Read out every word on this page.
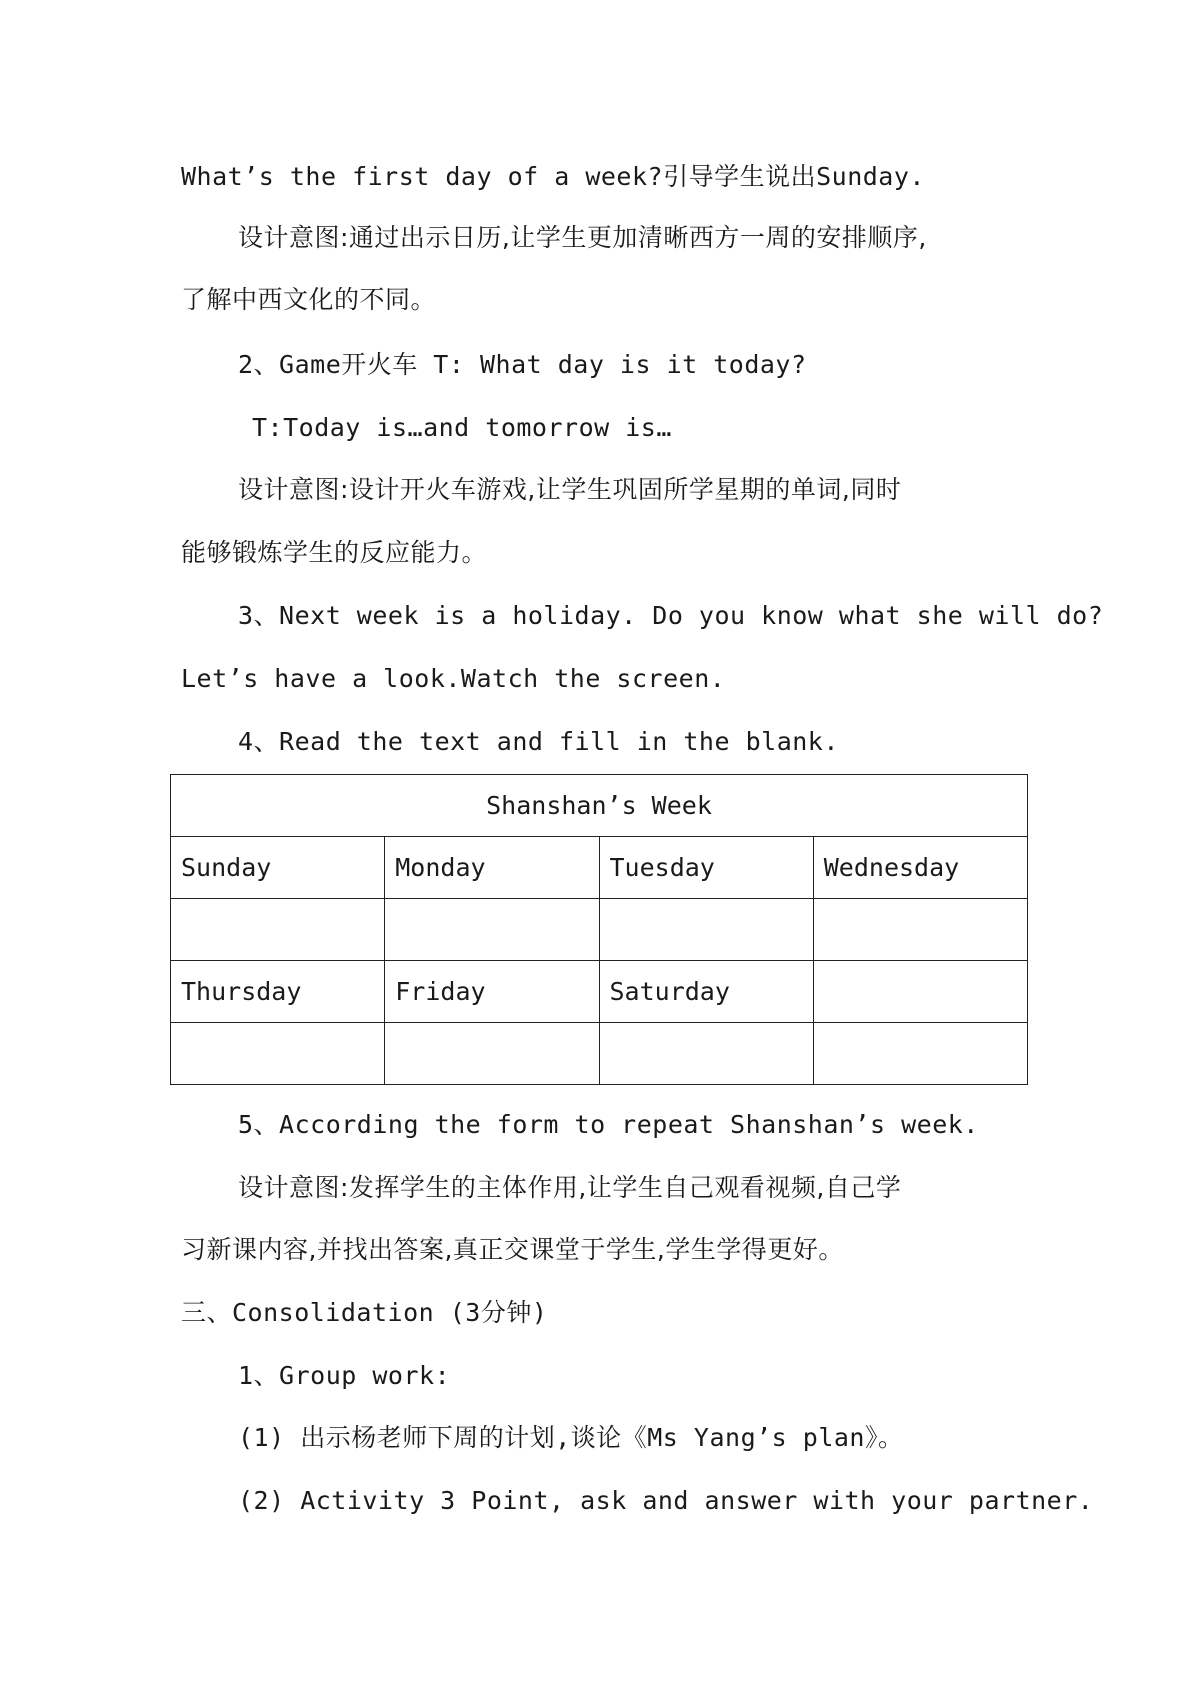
What’s the first day of a week?引导学生说出Sunday.
设计意图:通过出示日历,让学生更加清晰西方一周的安排顺序,
了解中西文化的不同。
2、Game开火车 T: What day is it today?
T:Today is…and tomorrow is…
设计意图:设计开火车游戏,让学生巩固所学星期的单词,同时
能够锻炼学生的反应能力。
3、Next week is a holiday. Do you know what she will do?
Let’s have a look.Watch the screen.
4、Read the text and fill in the blank.
Shanshan’s Week			
Sunday	Monday	Tuesday	Wednesday

Thursday	Friday	Saturday	

5、According the form to repeat Shanshan’s week.
设计意图:发挥学生的主体作用,让学生自己观看视频,自己学
习新课内容,并找出答案,真正交课堂于学生,学生学得更好。
三、Consolidation (3分钟)
1、Group work:
(1) 出示杨老师下周的计划,谈论《Ms Yang’s plan》。
(2) Activity 3 Point, ask and answer with your partner.
